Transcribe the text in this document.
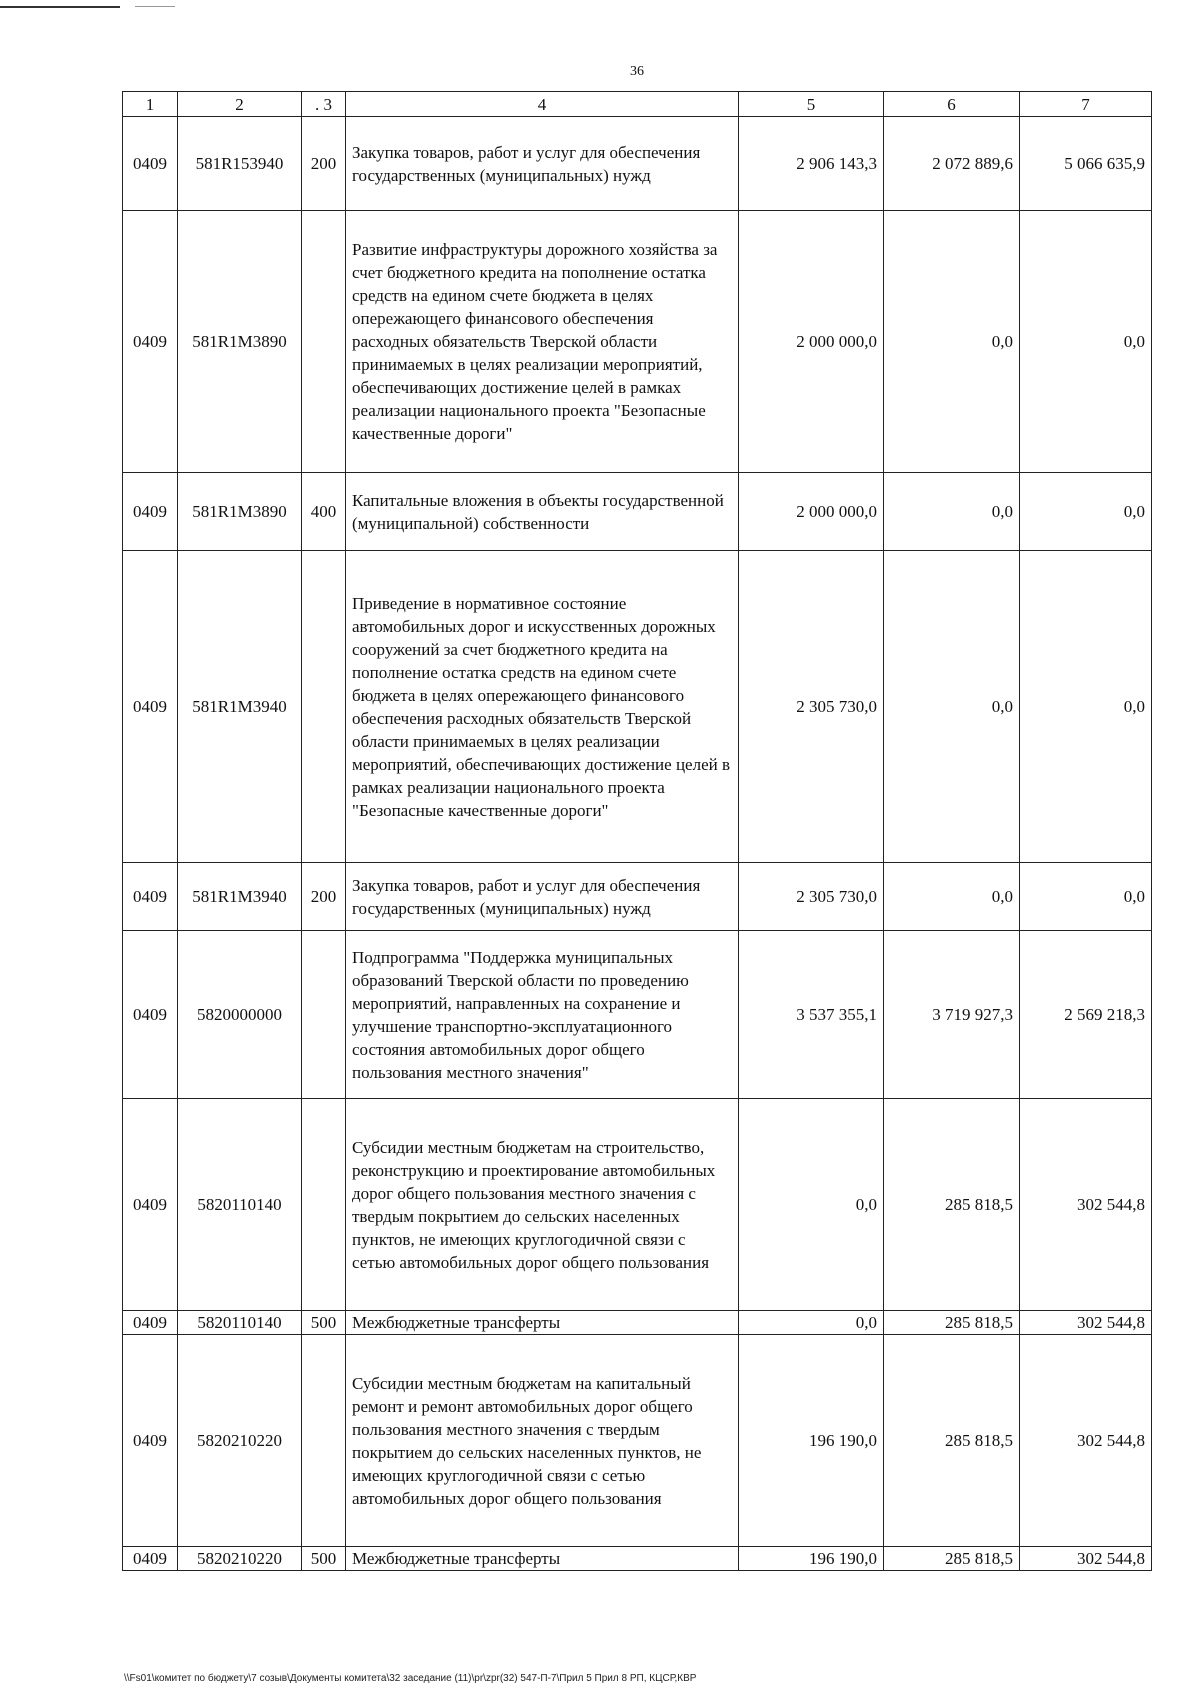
36
1	2	. 3	4	5	6	7
0409	581R153940	200	Закупка товаров, работ и услуг для обеспечения государственных (муниципальных) нужд	2 906 143,3	2 072 889,6	5 066 635,9
0409	581R1M3890		Развитие инфраструктуры дорожного хозяйства за счет бюджетного кредита на пополнение остатка средств на едином счете бюджета в целях опережающего финансового обеспечения расходных обязательств Тверской области принимаемых в целях реализации мероприятий, обеспечивающих достижение целей в рамках реализации национального проекта "Безопасные качественные дороги"	2 000 000,0	0,0	0,0
0409	581R1M3890	400	Капитальные вложения в объекты государственной (муниципальной) собственности	2 000 000,0	0,0	0,0
0409	581R1M3940		Приведение в нормативное состояние автомобильных дорог и искусственных дорожных сооружений за счет бюджетного кредита на пополнение остатка средств на едином счете бюджета в целях опережающего финансового обеспечения расходных обязательств Тверской области принимаемых в целях реализации мероприятий, обеспечивающих достижение целей в рамках реализации национального проекта "Безопасные качественные дороги"	2 305 730,0	0,0	0,0
0409	581R1M3940	200	Закупка товаров, работ и услуг для обеспечения государственных (муниципальных) нужд	2 305 730,0	0,0	0,0
0409	5820000000		Подпрограмма "Поддержка муниципальных образований Тверской области по проведению мероприятий, направленных на сохранение и улучшение транспортно-эксплуатационного состояния автомобильных дорог общего пользования местного значения"	3 537 355,1	3 719 927,3	2 569 218,3
0409	5820110140		Субсидии местным бюджетам на строительство, реконструкцию и проектирование автомобильных дорог общего пользования местного значения с твердым покрытием до сельских населенных пунктов, не имеющих круглогодичной связи с сетью автомобильных дорог общего пользования	0,0	285 818,5	302 544,8
0409	5820110140	500	Межбюджетные трансферты	0,0	285 818,5	302 544,8
0409	5820210220		Субсидии местным бюджетам на капитальный ремонт и ремонт автомобильных дорог общего пользования местного значения с твердым покрытием до сельских населенных пунктов, не имеющих круглогодичной связи с сетью автомобильных дорог общего пользования	196 190,0	285 818,5	302 544,8
0409	5820210220	500	Межбюджетные трансферты	196 190,0	285 818,5	302 544,8
\\Fs01\комитет по бюджету\7 созыв\Документы комитета\32 заседание (11)\pr\zpr(32) 547-П-7\Прил 5 Прил 8 РП, КЦСР,КВР
